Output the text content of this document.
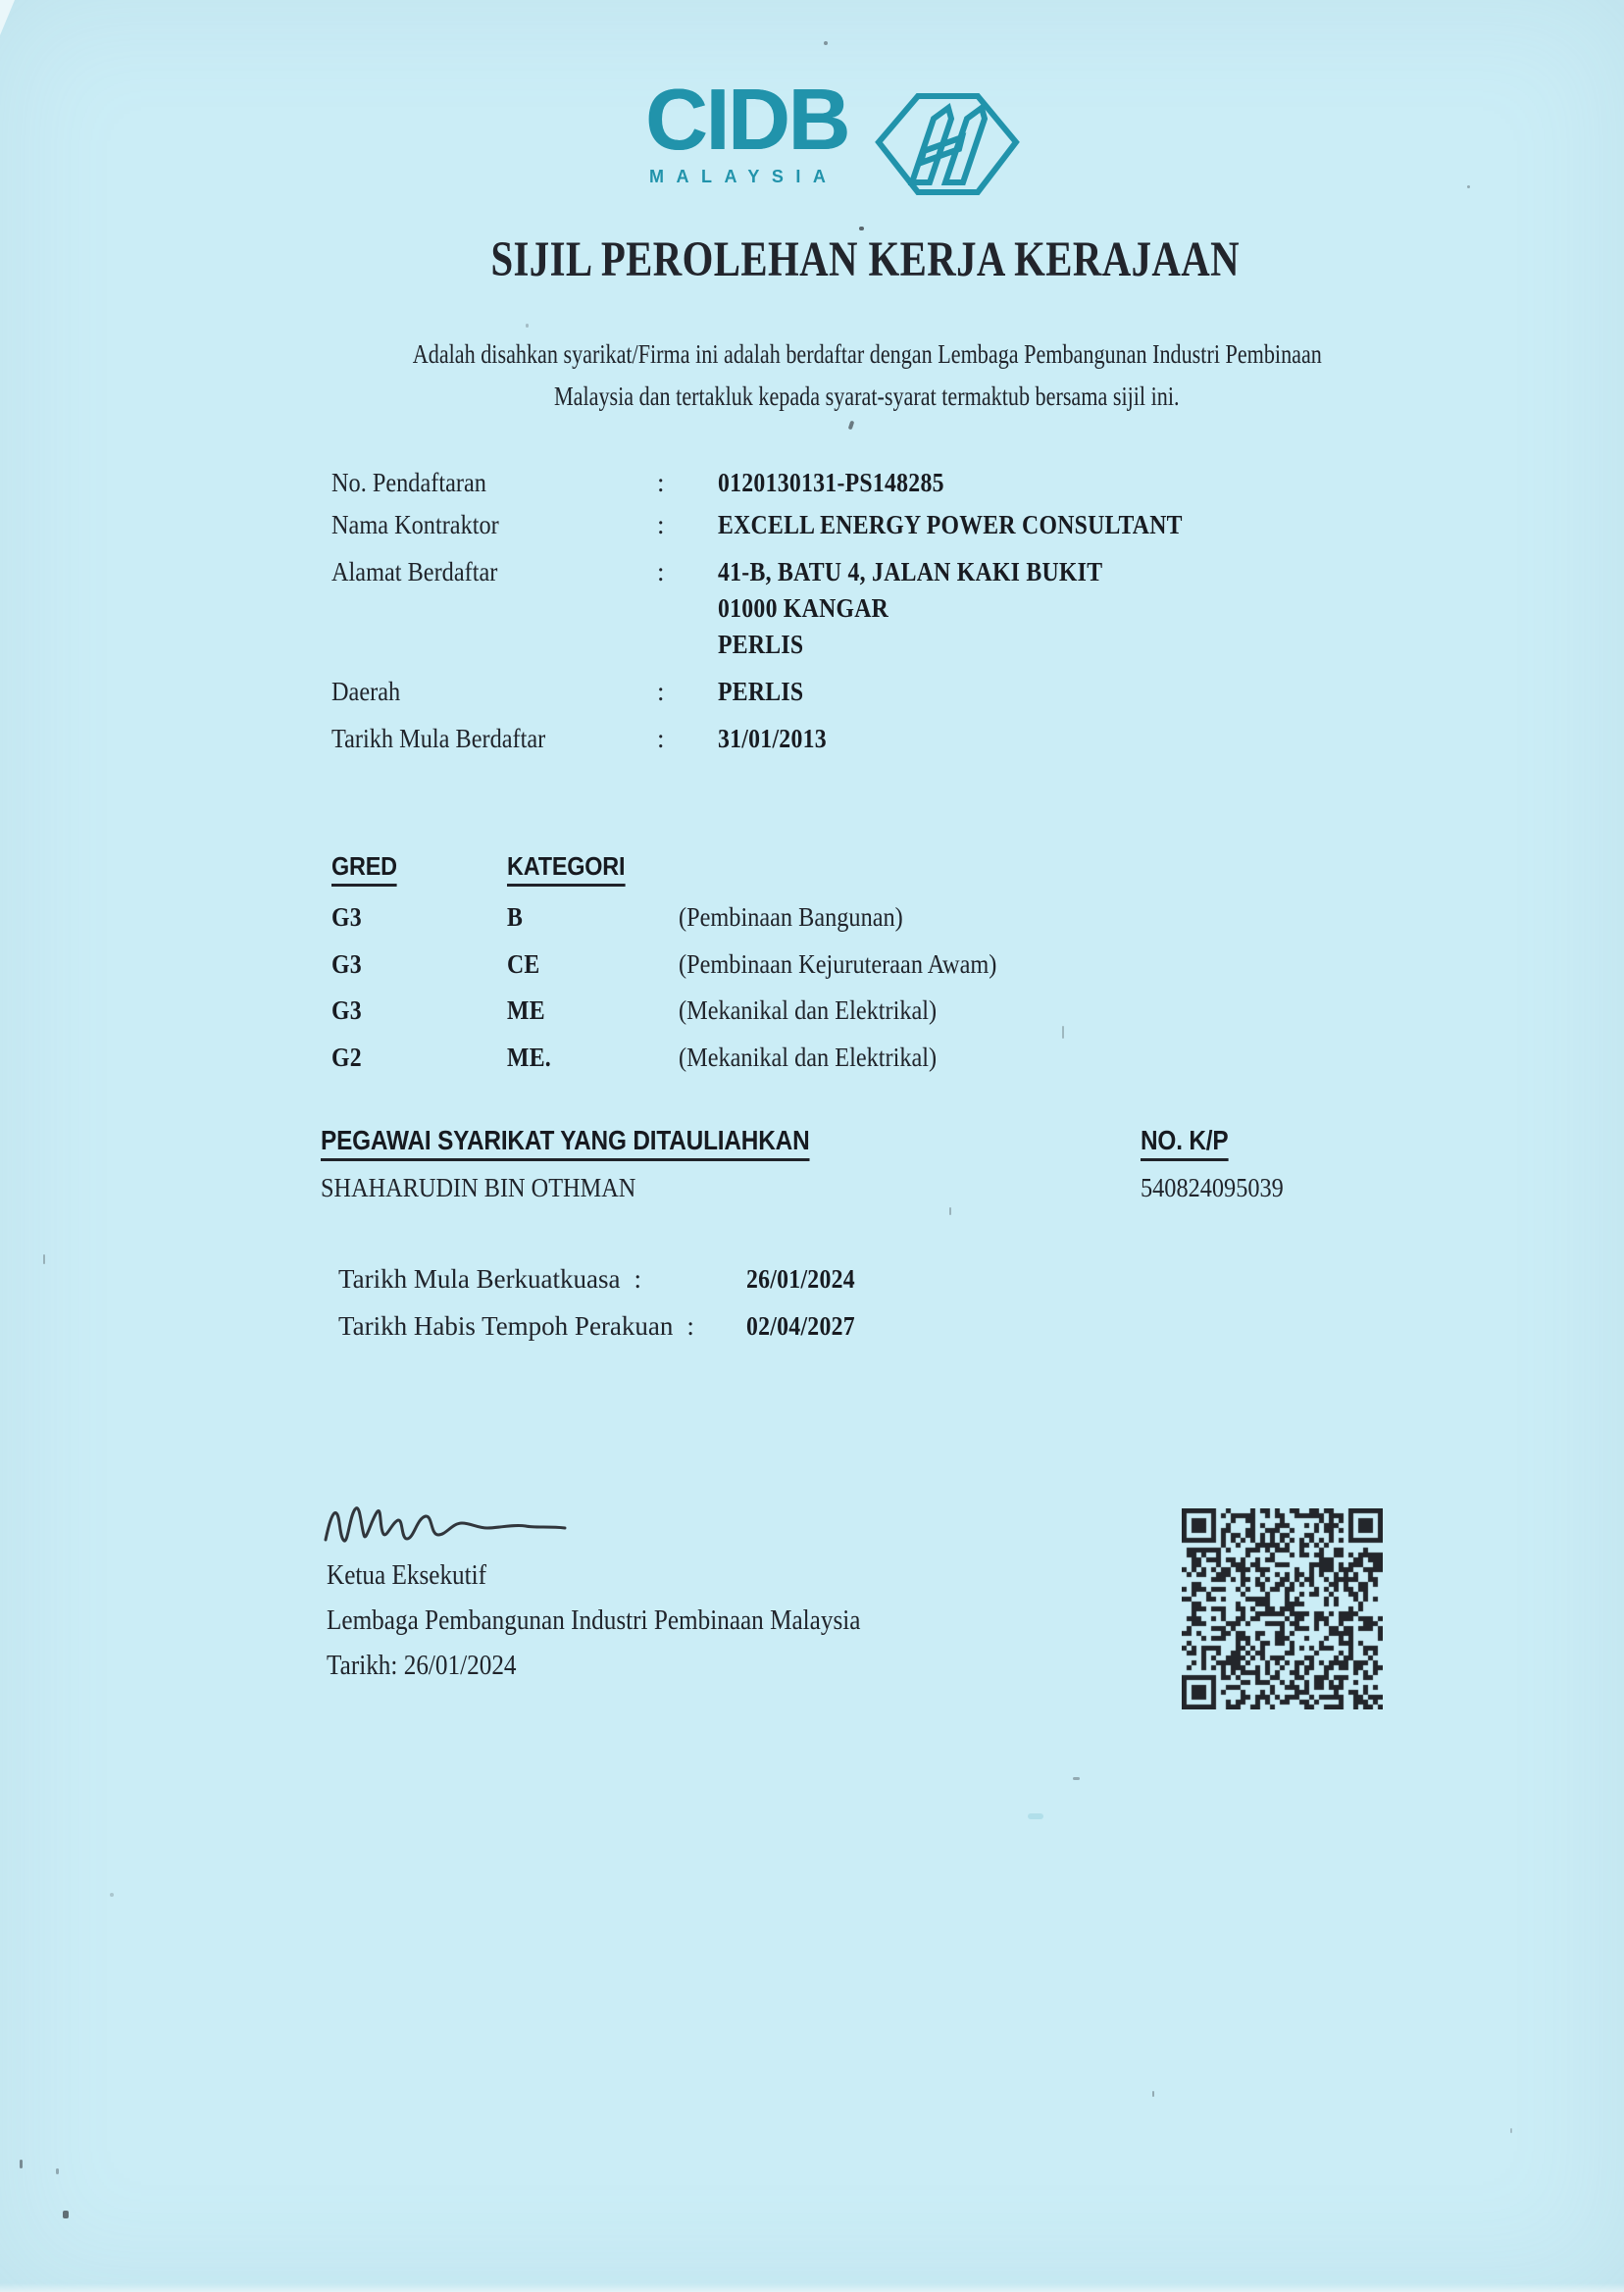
CIDB
MALAYSIA
SIJIL PEROLEHAN KERJA KERAJAAN
Adalah disahkan syarikat/Firma ini adalah berdaftar dengan Lembaga Pembangunan Industri Pembinaan
Malaysia dan tertakluk kepada syarat-syarat termaktub bersama sijil ini.
No. Pendaftaran	: 0120130131-PS148285
Nama Kontraktor	: EXCELL ENERGY POWER CONSULTANT
Alamat Berdaftar	: 41-B, BATU 4, JALAN KAKI BUKIT
01000 KANGAR
PERLIS
Daerah	: PERLIS
Tarikh Mula Berdaftar	: 31/01/2013
GRED	KATEGORI
G3	B	(Pembinaan Bangunan)
G3	CE	(Pembinaan Kejuruteraan Awam)
G3	ME	(Mekanikal dan Elektrikal)
G2	ME.	(Mekanikal dan Elektrikal)
PEGAWAI SYARIKAT YANG DITAULIAHKAN	NO. K/P
SHAHARUDIN BIN OTHMAN	540824095039
Tarikh Mula Berkuatkuasa :	26/01/2024
Tarikh Habis Tempoh Perakuan : 02/04/2027
Ketua Eksekutif
Lembaga Pembangunan Industri Pembinaan Malaysia
Tarikh: 26/01/2024
